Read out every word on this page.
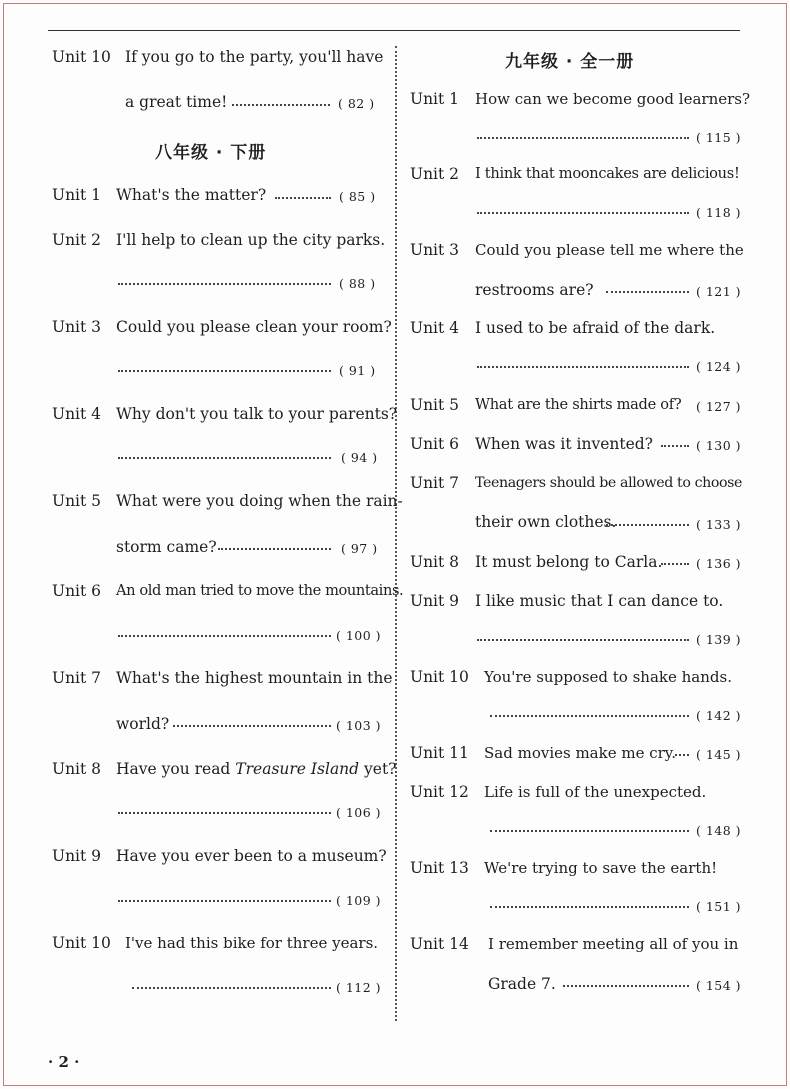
Unit 10 If you go to the party, you'll have
a great time!	( 82 )
八年级 · 下册
Unit 1 What's the matter?	( 85 )
Unit 2 I'll help to clean up the city parks.
( 88 )
Unit 3 Could you please clean your room?
( 91 )
Unit 4 Why don't you talk to your parents?
( 94 )
Unit 5 What were you doing when the rain-
storm came?	( 97 )
Unit 6 An old man tried to move the mountains.
( 100 )
Unit 7 What's the highest mountain in the
world?	( 103 )
Unit 8 Have you read Treasure Island yet?
( 106 )
Unit 9 Have you ever been to a museum?
( 109 )
Unit 10 I've had this bike for three years.
( 112 )
九年级 · 全一册
Unit 1 How can we become good learners?
( 115 )
Unit 2 I think that mooncakes are delicious!
( 118 )
Unit 3 Could you please tell me where the
restrooms are?	( 121 )
Unit 4 I used to be afraid of the dark.
( 124 )
Unit 5 What are the shirts made of? ( 127 )
Unit 6 When was it invented?	( 130 )
Unit 7 Teenagers should be allowed to choose
their own clothes.	( 133 )
Unit 8 It must belong to Carla.	( 136 )
Unit 9 I like music that I can dance to.
( 139 )
Unit 10 You're supposed to shake hands.
( 142 )
Unit 11 Sad movies make me cry. ( 145 )
Unit 12 Life is full of the unexpected.
( 148 )
Unit 13 We're trying to save the earth!
( 151 )
Unit 14 I remember meeting all of you in
Grade 7.	( 154 )
· 2 ·
